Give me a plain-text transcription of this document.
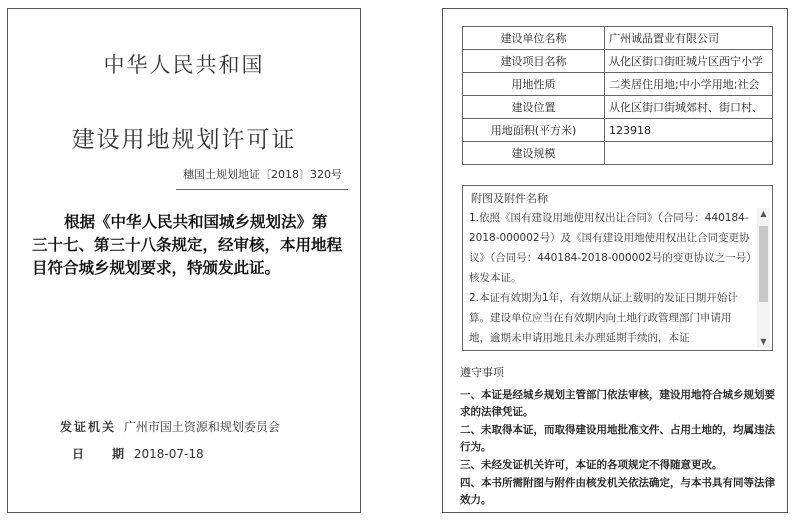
中华人民共和国
建设用地规划许可证
穗国土规划地证〔2018〕320号
根据《中华人民共和国城乡规划法》第三十七、第三十八条规定，经审核，本用地程目符合城乡规划要求，特颁发此证。
发证机关 广州市国土资源和规划委员会
日 期 2018-07-18
建设单位名称	广州诚品置业有限公司
建设项目名称	从化区街口街旺城片区西宁小学
用地性质	二类居住用地;中小学用地;社会
建设位置	从化区街口街城郊村、街口村、
用地面积(平方米)	123918
建设规模	
附图及附件名称

1.依照《国有建设用地使用权出让合同》（合同号：440184-2018-000002号）及《国有建设用地使用权出让合同变更协议》（合同号：440184-2018-000002号的变更协议之一号）核发本证。

2.本证有效期为1年，有效期从证上载明的发证日期开始计算。建设单位应当在有效期内向土地行政管理部门申请用地，逾期未申请用地且未办理延期手续的，本证

▲
▼
遵守事项

一、本证是经城乡规划主管部门依法审核，建设用地符合城乡规划要求的法律凭证。

二、未取得本证，而取得建设用地批准文件、占用土地的，均属违法行为。

三、未经发证机关许可，本证的各项规定不得随意更改。

四、本书所需附图与附件由核发机关依法确定，与本书具有同等法律效力。
